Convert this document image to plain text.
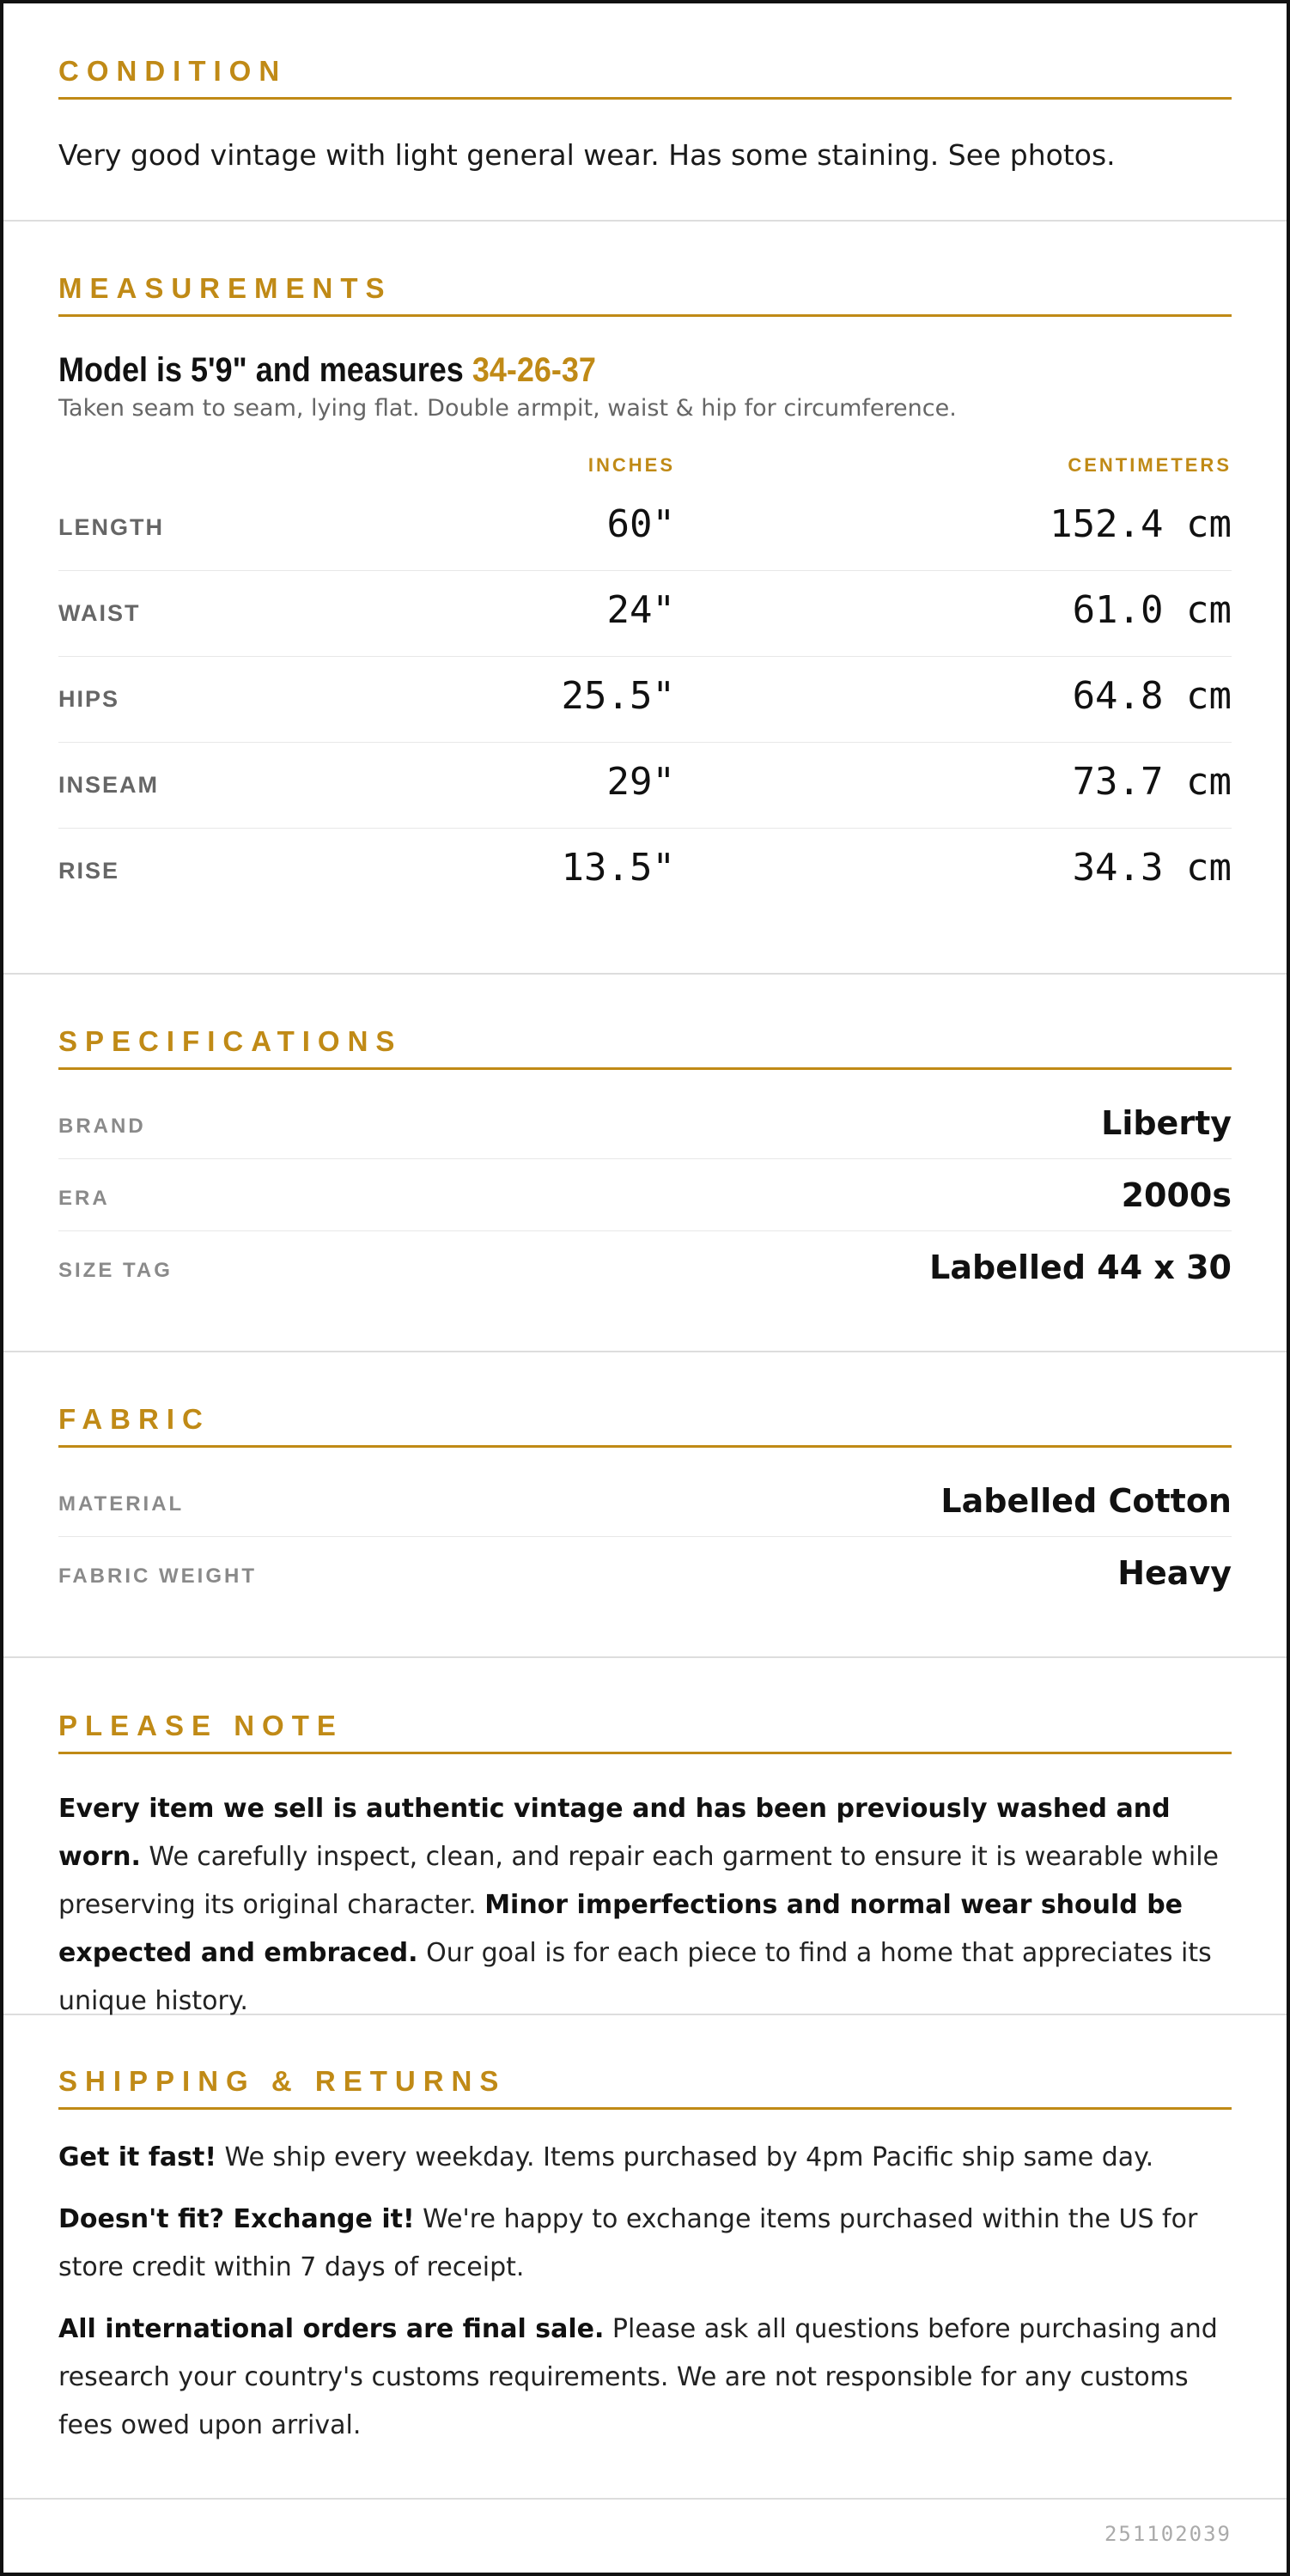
CONDITION
Very good vintage with light general wear. Has some staining. See photos.
MEASUREMENTS
Model is 5'9" and measures 34-26-37
Taken seam to seam, lying flat. Double armpit, waist & hip for circumference.
INCHES	CENTIMETERS
LENGTH	60"	152.4 cm
WAIST	24"	61.0 cm
HIPS	25.5"	64.8 cm
INSEAM	29"	73.7 cm
RISE	13.5"	34.3 cm
SPECIFICATIONS
BRAND	Liberty
ERA	2000s
SIZE TAG	Labelled 44 x 30
FABRIC
MATERIAL	Labelled Cotton
FABRIC WEIGHT	Heavy
PLEASE NOTE
Every item we sell is authentic vintage and has been previously washed and worn. We carefully inspect, clean, and repair each garment to ensure it is wearable while preserving its original character. Minor imperfections and normal wear should be expected and embraced. Our goal is for each piece to find a home that appreciates its unique history.
SHIPPING & RETURNS
Get it fast! We ship every weekday. Items purchased by 4pm Pacific ship same day.
Doesn't fit? Exchange it! We're happy to exchange items purchased within the US for store credit within 7 days of receipt.
All international orders are final sale. Please ask all questions before purchasing and research your country's customs requirements. We are not responsible for any customs fees owed upon arrival.
251102039
